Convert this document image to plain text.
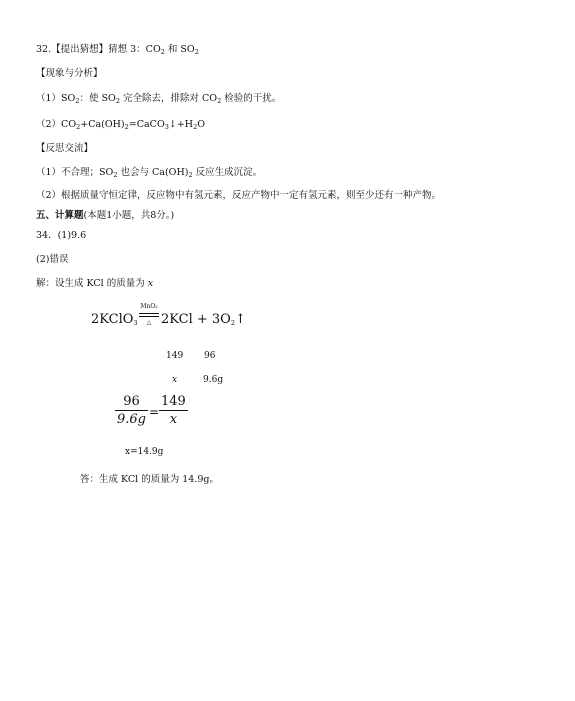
32.【提出猜想】猜想 3：$CO_2$ 和 $SO_2$
【现象与分析】
$(1)SO_2$：使 $SO_2$ 完全除去，排除对 $CO_2$ 检验的干扰。
$(2)CO_2+Ca(OH)_2=CaCO_3↓+H_2O$
【反思交流】
（1）不合理；$SO_2$ 也会与 $Ca(OH)_2$ 反应生成沉淀。
（2）根据质量守恒定律，反应物中有氢元素，反应产物中一定有氢元素，则至少还有一种产物。
五、计算题(本题1小题，共8分。)
34．(1)9.6
(2)错误
解：设生成 KCl 的质量为 x
2KClO$_3$
MnO₂
△ $2KCl + 3O_2↑$
149 96
x	9.6g
96
9.6g =
149
x
x=14.9g
答：生成 KCl 的质量为 14.9g。
